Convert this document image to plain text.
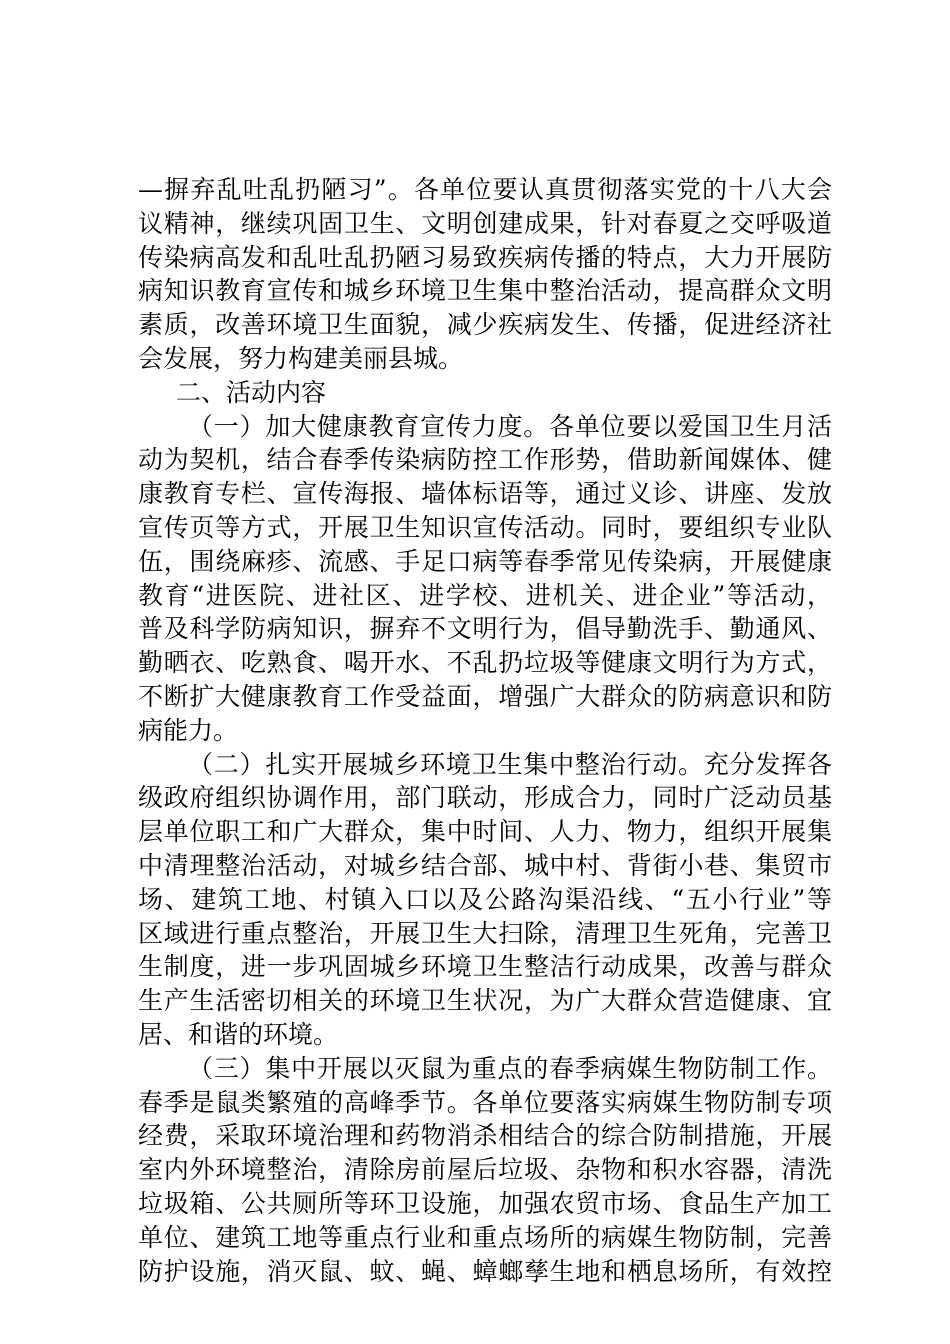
—摒弃乱吐乱扔陋习”。各单位要认真贯彻落实党的十八大会
议精神，继续巩固卫生、文明创建成果，针对春夏之交呼吸道
传染病高发和乱吐乱扔陋习易致疾病传播的特点，大力开展防
病知识教育宣传和城乡环境卫生集中整治活动，提高群众文明
素质，改善环境卫生面貌，减少疾病发生、传播，促进经济社
会发展，努力构建美丽县城。
二、活动内容
（一）加大健康教育宣传力度。各单位要以爱国卫生月活
动为契机，结合春季传染病防控工作形势，借助新闻媒体、健
康教育专栏、宣传海报、墙体标语等，通过义诊、讲座、发放
宣传页等方式，开展卫生知识宣传活动。同时，要组织专业队
伍，围绕麻疹、流感、手足口病等春季常见传染病，开展健康
教育“进医院、进社区、进学校、进机关、进企业”等活动，
普及科学防病知识，摒弃不文明行为，倡导勤洗手、勤通风、
勤晒衣、吃熟食、喝开水、不乱扔垃圾等健康文明行为方式，
不断扩大健康教育工作受益面，增强广大群众的防病意识和防
病能力。
（二）扎实开展城乡环境卫生集中整治行动。充分发挥各
级政府组织协调作用，部门联动，形成合力，同时广泛动员基
层单位职工和广大群众，集中时间、人力、物力，组织开展集
中清理整治活动，对城乡结合部、城中村、背街小巷、集贸市
场、建筑工地、村镇入口以及公路沟渠沿线、“五小行业”等
区域进行重点整治，开展卫生大扫除，清理卫生死角，完善卫
生制度，进一步巩固城乡环境卫生整洁行动成果，改善与群众
生产生活密切相关的环境卫生状况，为广大群众营造健康、宜
居、和谐的环境。
（三）集中开展以灭鼠为重点的春季病媒生物防制工作。
春季是鼠类繁殖的高峰季节。各单位要落实病媒生物防制专项
经费，采取环境治理和药物消杀相结合的综合防制措施，开展
室内外环境整治，清除房前屋后垃圾、杂物和积水容器，清洗
垃圾箱、公共厕所等环卫设施，加强农贸市场、食品生产加工
单位、建筑工地等重点行业和重点场所的病媒生物防制，完善
防护设施，消灭鼠、蚊、蝇、蟑螂孳生地和栖息场所，有效控
